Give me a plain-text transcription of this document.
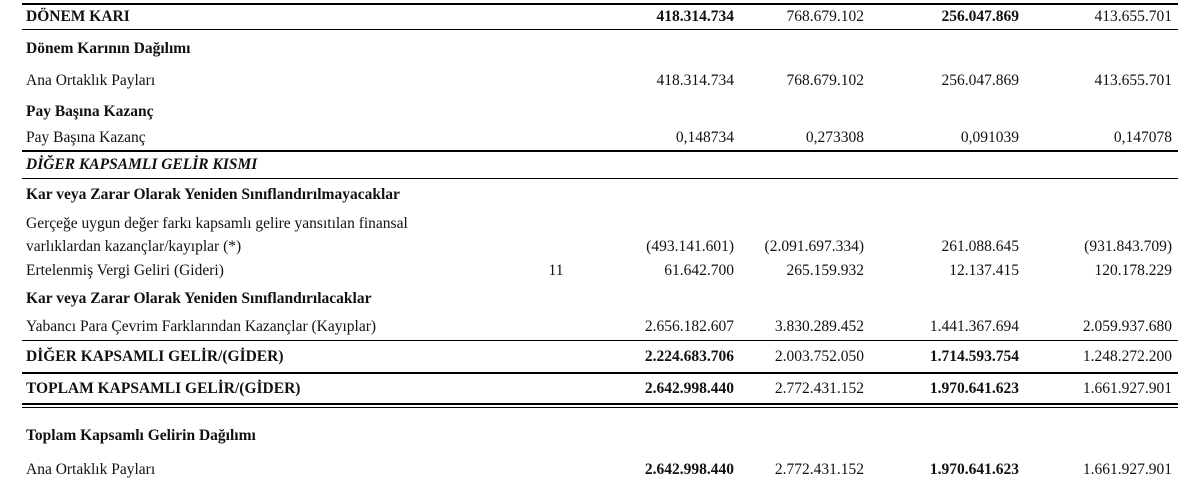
DÖNEM KARI	418.314.734	768.679.102	256.047.869	413.655.701
Dönem Karının Dağılımı
Ana Ortaklık Payları	418.314.734	768.679.102	256.047.869	413.655.701
Pay Başına Kazanç
Pay Başına Kazanç	0,148734	0,273308	0,091039	0,147078
DİĞER KAPSAMLI GELİR KISMI
Kar veya Zarar Olarak Yeniden Sınıflandırılmayacaklar
Gerçeğe uygun değer farkı kapsamlı gelire yansıtılan finansal
varlıklardan kazançlar/kayıplar (*)	(493.141.601) (2.091.697.334)	261.088.645	(931.843.709)
Ertelenmiş Vergi Geliri (Gideri)	11	61.642.700	265.159.932	12.137.415	120.178.229
Kar veya Zarar Olarak Yeniden Sınıflandırılacaklar
Yabancı Para Çevrim Farklarından Kazançlar (Kayıplar)	2.656.182.607	3.830.289.452	1.441.367.694	2.059.937.680
DİĞER KAPSAMLI GELİR/(GİDER)	2.224.683.706	2.003.752.050	1.714.593.754	1.248.272.200
TOPLAM KAPSAMLI GELİR/(GİDER)	2.642.998.440	2.772.431.152	1.970.641.623	1.661.927.901
Toplam Kapsamlı Gelirin Dağılımı
Ana Ortaklık Payları	2.642.998.440	2.772.431.152	1.970.641.623	1.661.927.901
